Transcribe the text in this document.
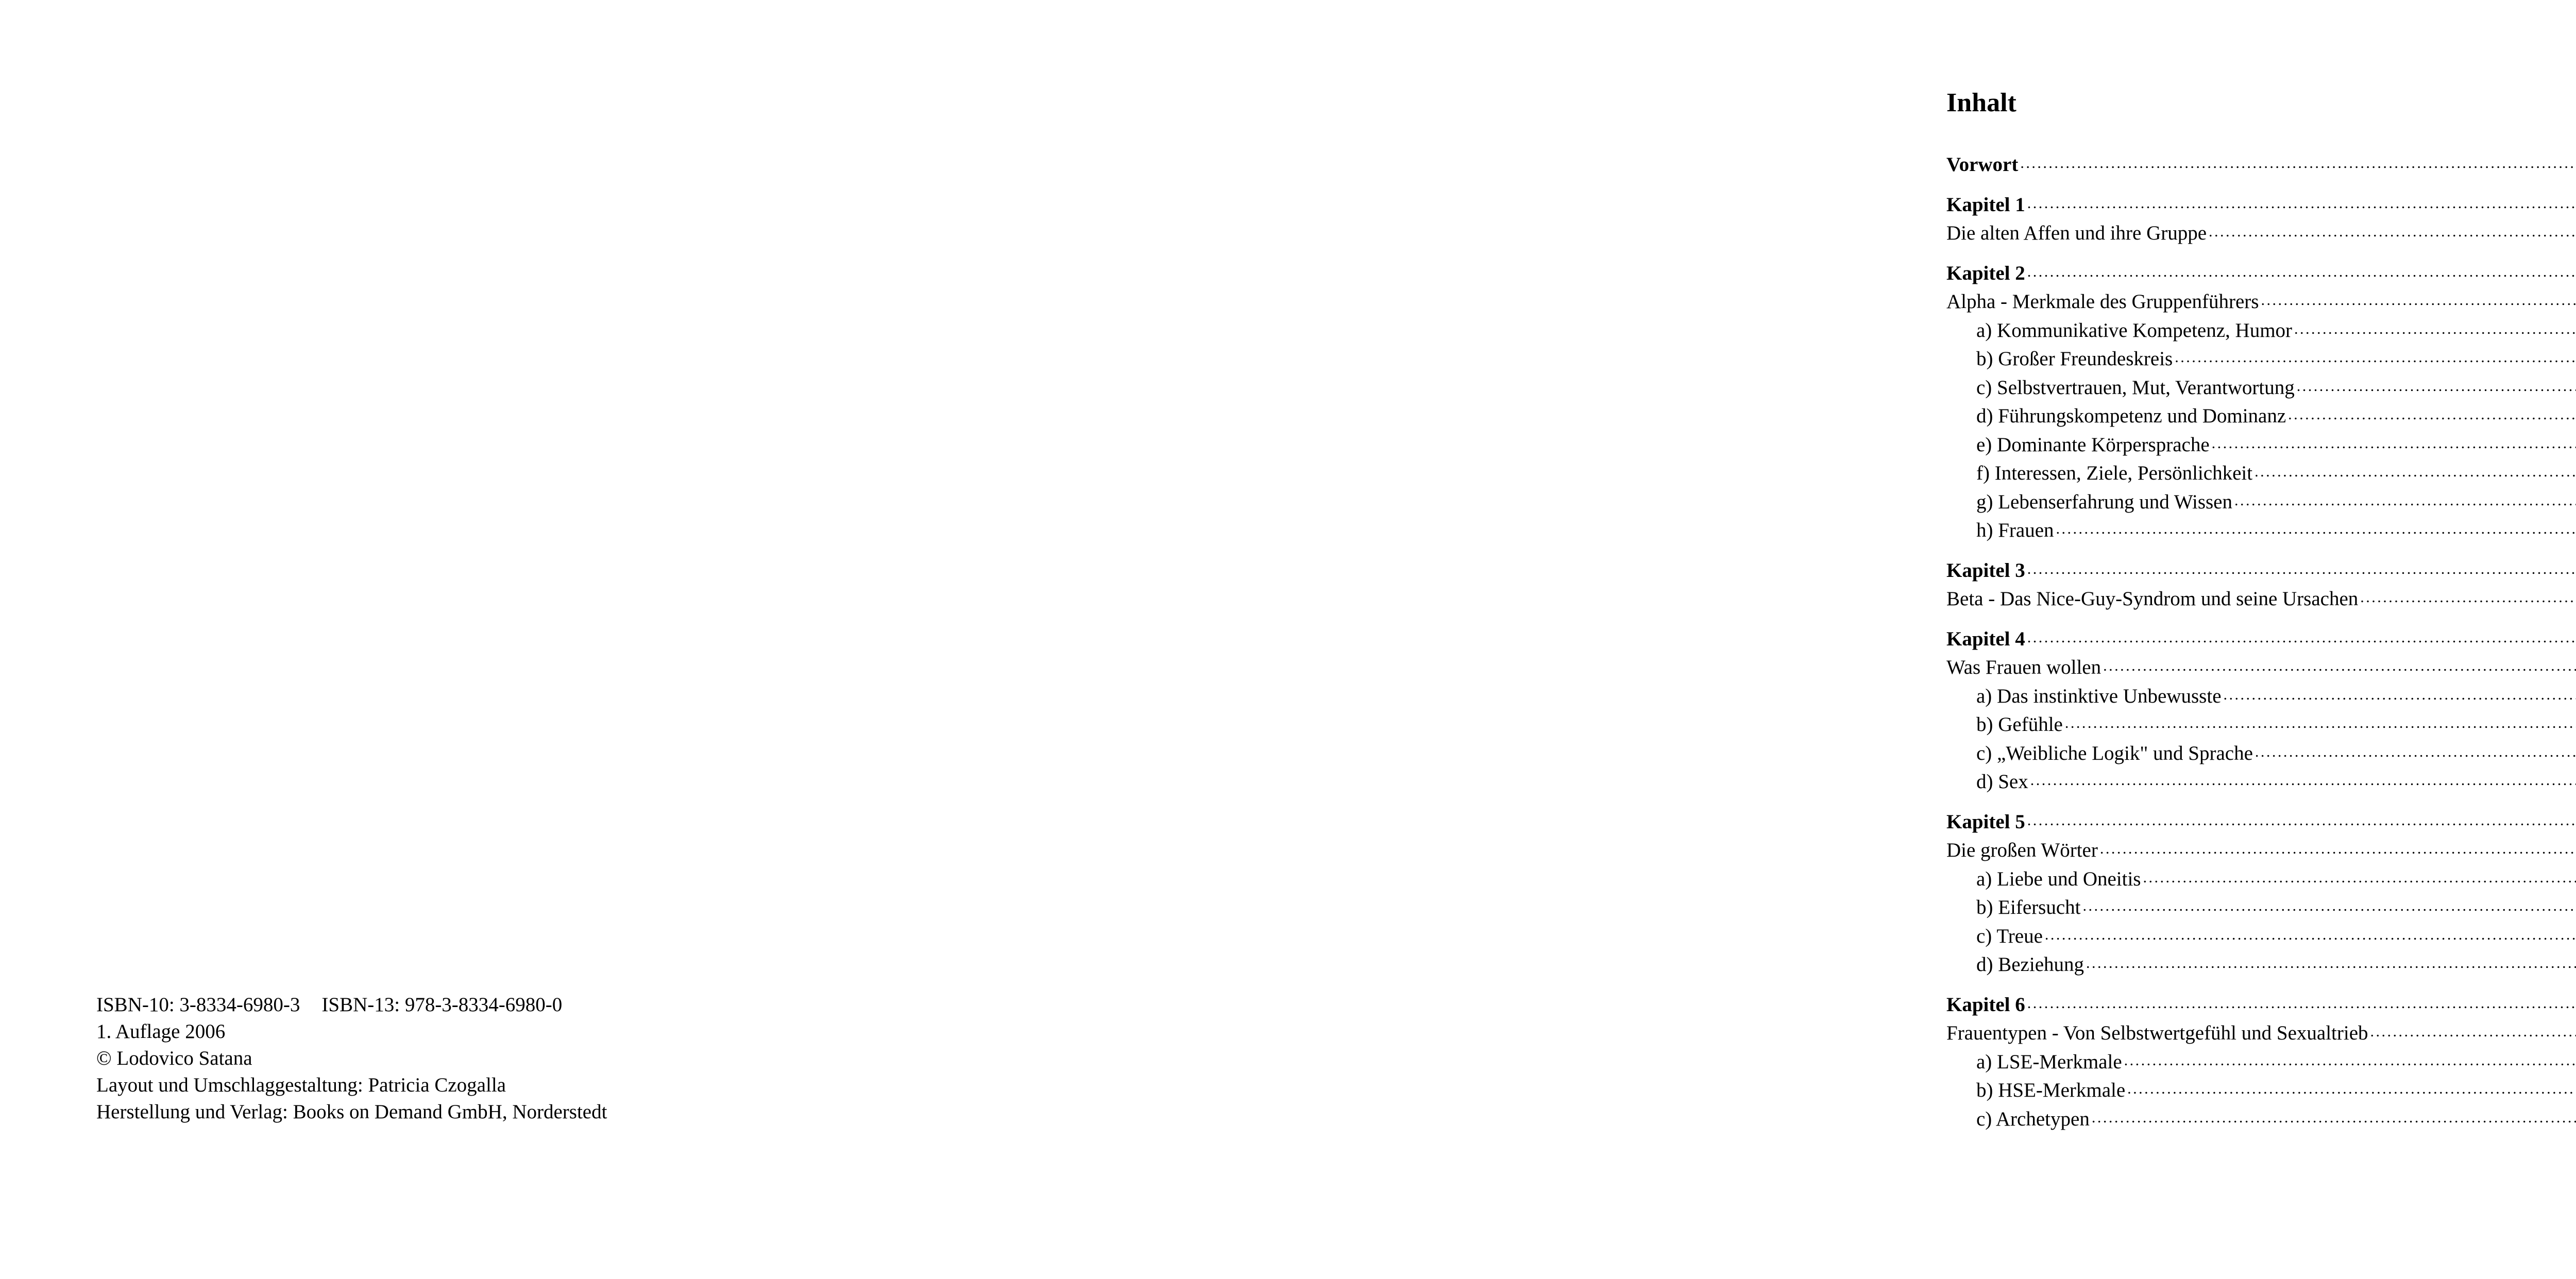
ISBN-10: 3-8334-6980-3 ISBN-13: 978-3-8334-6980-0
1. Auflage 2006
© Lodovico Satana
Layout und Umschlaggestaltung: Patricia Czogalla
Herstellung und Verlag: Books on Demand GmbH, Norderstedt
Inhalt
Vorwort
. . .
Kapitel 1
. . .
Die alten Affen und ihre Gruppe
. . .
Kapitel 2
. . .
Alpha - Merkmale des Gruppenführers
. . .
a) Kommunikative Kompetenz, Humor
. . .
b) Großer Freundeskreis
. . .
c) Selbstvertrauen, Mut, Verantwortung
. . .
d) Führungskompetenz und Dominanz
. . .
e) Dominante Körpersprache
. . .
f) Interessen, Ziele, Persönlichkeit
. . .
g) Lebenserfahrung und Wissen
. . .
h) Frauen
. . .
Kapitel 3
. . .
Beta - Das Nice-Guy-Syndrom und seine Ursachen
. . .
Kapitel 4
. . .
Was Frauen wollen
. . .
a) Das instinktive Unbewusste
. . .
b) Gefühle
. . .
c) „Weibliche Logik" und Sprache
. . .
d) Sex
. . .
Kapitel 5
. . .
Die großen Wörter
. . .
a) Liebe und Oneitis
. . .
b) Eifersucht
. . .
c) Treue
. . .
d) Beziehung
. . .
Kapitel 6
. . .
Frauentypen - Von Selbstwertgefühl und Sexualtrieb
. . .
a) LSE-Merkmale
. . .
b) HSE-Merkmale
. . .
c) Archetypen
. . .
